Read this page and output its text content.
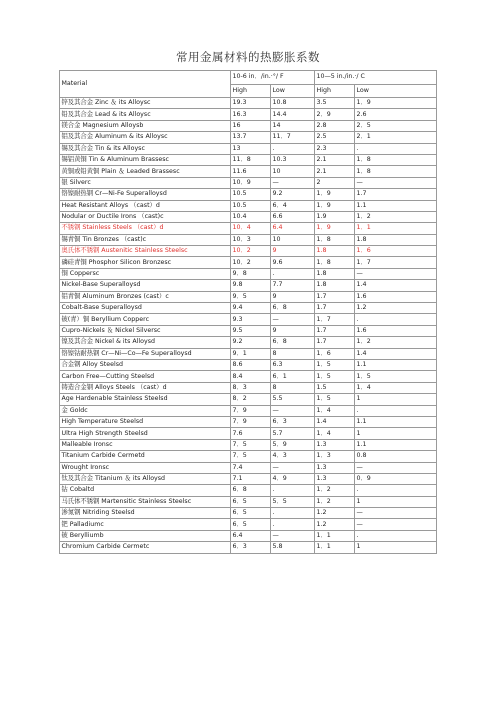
常用金属材料的热膨胀系数
Material	10-6 in．/in.·°/ F		10—5 in./in.·/ C	
	High	Low	High	Low
锌及其合金 Zinc ＆ its Alloysc	19.3	10.8	3.5	1．9
铅及其合金 Lead & its Alloysc	16.3	14.4	2．9	2.6
镁合金 Magnesium Alloysb	16	14	2.8	2．5
铝及其合金 Aluminum & its Alloysc	13.7	11．7	2.5	2．1
锡及其合金 Tin & its Alloysc	13	.	2.3	.
锡铝黄铜 Tin & Aluminum Brassesc	11．8	10.3	2.1	1．8
黄铜或铅黄铜 Plain ＆ Leaded Brassesc	11.6	10	2.1	1．8
银 Silverc	10．9	—	2	—
铬镍耐热钢 Cr—Ni-Fe Superalloysd	10.5	9.2	1．9	1.7
Heat Resistant Alloys （cast）d	10.5	6．4	1．9	1.1
Nodular or Ductile Irons （cast)c	10.4	6.6	1.9	1．2
不锈钢 Stainless Steels （cast）d	10．4	6.4	1．9	1．1
锡青铜 Tin Bronzes （cast)c	10．3	10	1．8	1.8
奥氏体不锈钢 Austenitic Stainless Steelsc	10．2	9	1.8	1．6
磷硅青铜 Phosphor Silicon Bronzesc	10．2	9.6	1．8	1．7
铜 Coppersc	9．8	.	1.8	—
Nickel-Base Superalloysd	9.8	7.7	1.8	1.4
铝青铜 Aluminum Bronzes (cast）c	9．5	9	1.7	1.6
Cobalt-Base Superalloysd	9.4	6．8	1.7	1.2
铍(青）铜 Beryllium Copperc	9.3	—	1．7	.
Cupro-Nickels ＆ Nickel Silversc	9.5	9	1.7	1.6
镍及其合金 Nickel & its Alloysd	9.2	6．8	1.7	1．2
铬镍钴耐热钢 Cr—Ni—Co—Fe Superalloysd	9．1	8	1．6	1.4
合金钢 Alloy Steelsd	8.6	6.3	1．5	1.1
Carbon Free—Cutting Steelsd	8.4	6．1	1．5	1．5
铸造合金钢 Alloys Steels （cast）d	8．3	8	1.5	1．4
Age Hardenable Stainless Steelsd	8．2	5.5	1．5	1
金 Goldc	7．9	—	1．4	.
High Temperature Steelsd	7．9	6．3	1.4	1.1
Ultra High Strength Steelsd	7.6	5.7	1．4	1
Malleable Ironsc	7．5	5．9	1.3	1.1
Titanium Carbide Cermetd	7．5	4．3	1．3	0.8
Wrought Ironsc	7.4	—	1.3	—
钛及其合金 Titanium ＆ its Alloysd	7.1	4．9	1.3	0．9
钴 Cobaltd	6．8	.	1．2	.
马氏体不锈钢 Martensitic Stainless Steelsc	6．5	5．5	1．2	1
渗氮钢 Nitriding Steelsd	6．5	.	1.2	—
钯 Palladiumc	6．5	.	1.2	—
铍 Berylliumb	6.4	—	1．1	.
Chromium Carbide Cermetc	6．3	5.8	1．1	1
